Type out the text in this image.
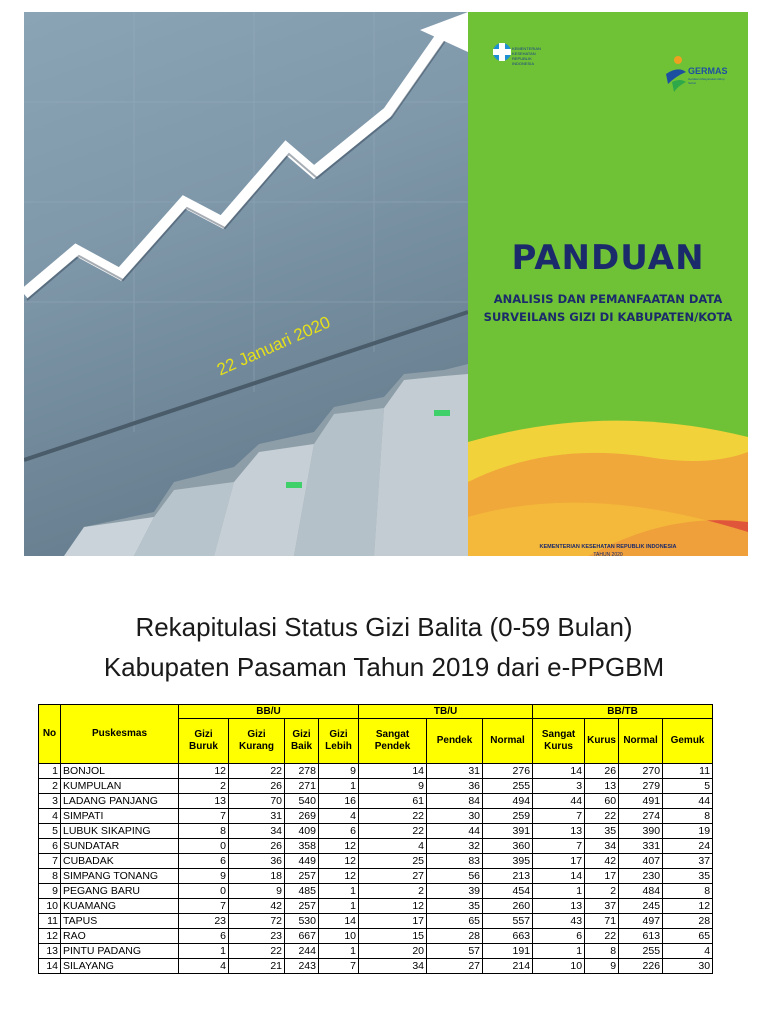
22 Januari 2020
KEMENTERIAN KESEHATAN REPUBLIK INDONESIA
GERMAS
Gerakan Masyarakat Hidup Sehat
PANDUAN
ANALISIS DAN PEMANFAATAN DATA
SURVEILANS GIZI DI KABUPATEN/KOTA
KEMENTERIAN KESEHATAN REPUBLIK INDONESIA
TAHUN 2020
Rekapitulasi Status Gizi Balita (0-59 Bulan)
Kabupaten Pasaman Tahun 2019 dari e-PPGBM
No	Puskesmas	BB/U				TB/U			BB/TB			
		Gizi Buruk	Gizi Kurang	Gizi Baik	Gizi Lebih	Sangat Pendek	Pendek	Normal	Sangat Kurus	Kurus	Normal	Gemuk
1	BONJOL	12	22	278	9	14	31	276	14	26	270	11
2	KUMPULAN	2	26	271	1	9	36	255	3	13	279	5
3	LADANG PANJANG	13	70	540	16	61	84	494	44	60	491	44
4	SIMPATI	7	31	269	4	22	30	259	7	22	274	8
5	LUBUK SIKAPING	8	34	409	6	22	44	391	13	35	390	19
6	SUNDATAR	0	26	358	12	4	32	360	7	34	331	24
7	CUBADAK	6	36	449	12	25	83	395	17	42	407	37
8	SIMPANG TONANG	9	18	257	12	27	56	213	14	17	230	35
9	PEGANG BARU	0	9	485	1	2	39	454	1	2	484	8
10	KUAMANG	7	42	257	1	12	35	260	13	37	245	12
11	TAPUS	23	72	530	14	17	65	557	43	71	497	28
12	RAO	6	23	667	10	15	28	663	6	22	613	65
13	PINTU PADANG	1	22	244	1	20	57	191	1	8	255	4
14	SILAYANG	4	21	243	7	34	27	214	10	9	226	30
